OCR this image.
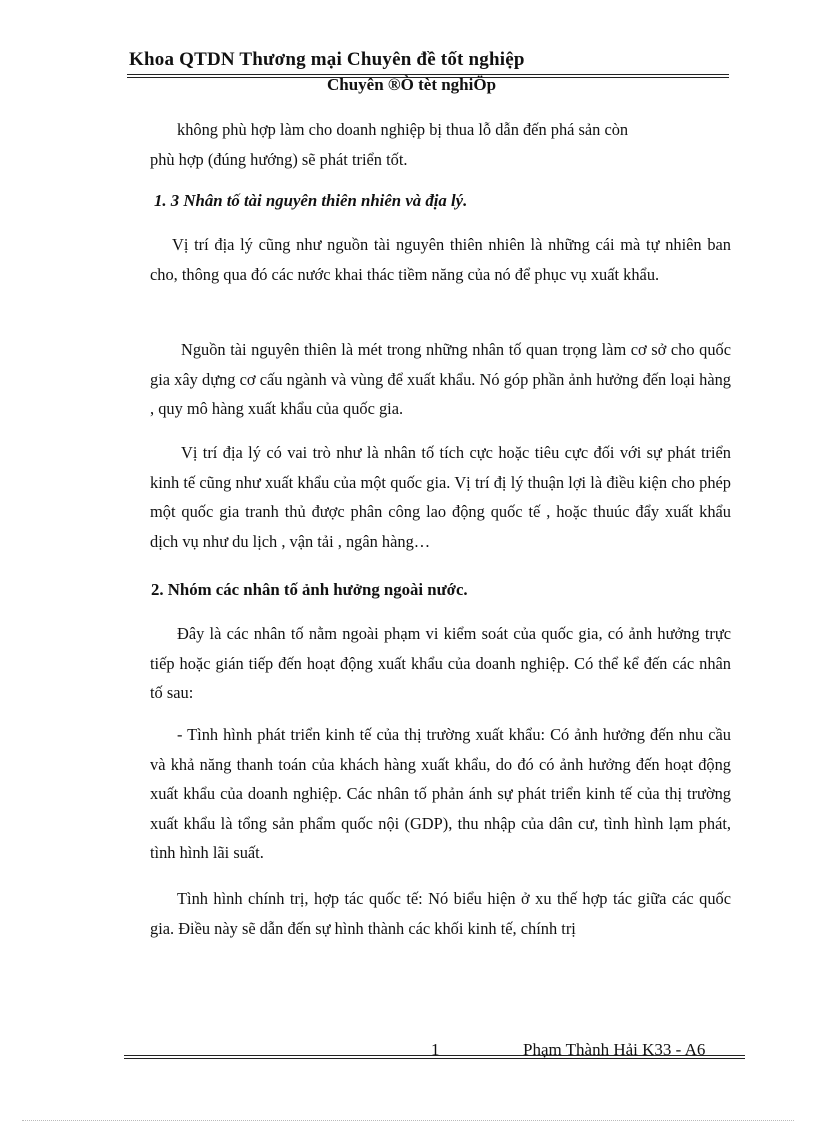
Khoa QTDN Thương mại Chuyên đề tốt nghiệp
Chuyên ®Ò tèt nghiÖp

không phù hợp làm cho doanh nghiệp bị thua lỗ dẫn đến phá sản còn

phù hợp (đúng hướng) sẽ phát triển tốt.

1. 3 Nhân tố tài nguyên thiên nhiên và địa lý.

Vị trí địa lý cũng như nguồn tài nguyên thiên nhiên là những cái mà tự nhiên ban cho, thông qua đó các nước khai thác tiềm năng của nó để phục vụ xuất khẩu.

Nguồn tài nguyên thiên là mét trong những nhân tố quan trọng làm cơ sở cho quốc gia xây dựng cơ cấu ngành và vùng để xuất khẩu. Nó góp phần ảnh hưởng đến loại hàng , quy mô hàng xuất khẩu của quốc gia.

Vị trí địa lý có vai trò như là nhân tố tích cực hoặc tiêu cực đối với sự phát triển kinh tế cũng như xuất khẩu của một quốc gia. Vị trí đị lý thuận lợi là điều kiện cho phép một quốc gia tranh thủ được phân công lao động quốc tế , hoặc thuúc đẩy xuất khẩu dịch vụ như du lịch , vận tải , ngân hàng…

2. Nhóm các nhân tố ảnh hưởng ngoài nước.

Đây là các nhân tố nằm ngoài phạm vi kiểm soát của quốc gia, có ảnh hưởng trực tiếp hoặc gián tiếp đến hoạt động xuất khẩu của doanh nghiệp. Có thể kể đến các nhân tố sau:

- Tình hình phát triển kinh tế của thị trường xuất khẩu: Có ảnh hưởng đến nhu cầu và khả năng thanh toán của khách hàng xuất khẩu, do đó có ảnh hưởng đến hoạt động xuất khẩu của doanh nghiệp. Các nhân tố phản ánh sự phát triển kinh tế của thị trường xuất khẩu là tổng sản phẩm quốc nội (GDP), thu nhập của dân cư, tình hình lạm phát, tình hình lãi suất.

Tình hình chính trị, hợp tác quốc tế: Nó biểu hiện ở xu thế hợp tác giữa các quốc gia. Điều này sẽ dẫn đến sự hình thành các khối kinh tế, chính trị

1	Phạm Thành Hải K33 - A6
